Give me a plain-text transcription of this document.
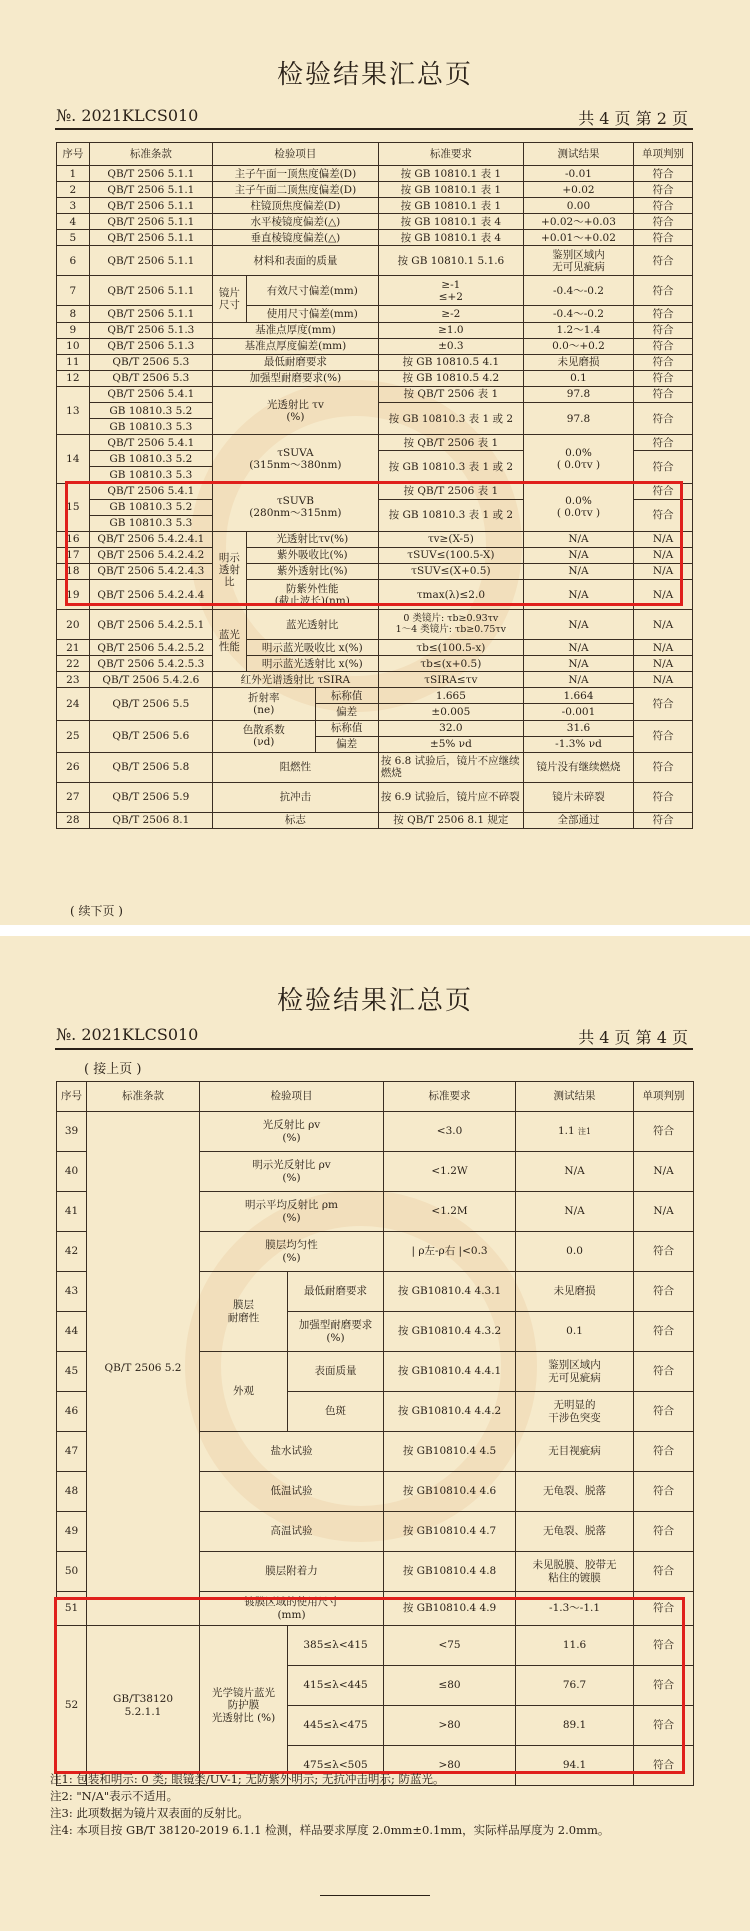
检验结果汇总页
№. 2021KLCS010	共 4 页 第 2 页
序号	标准条款	检验项目			标准要求	测试结果	单项判别
1	QB/T 2506 5.1.1	主子午面一顶焦度偏差(D)			按 GB 10810.1 表 1	-0.01	符合
2	QB/T 2506 5.1.1	主子午面二顶焦度偏差(D)			按 GB 10810.1 表 1	+0.02	符合
3	QB/T 2506 5.1.1	柱镜顶焦度偏差(D)			按 GB 10810.1 表 1	0.00	符合
4	QB/T 2506 5.1.1	水平棱镜度偏差(△)			按 GB 10810.1 表 4	+0.02～+0.03	符合
5	QB/T 2506 5.1.1	垂直棱镜度偏差(△)			按 GB 10810.1 表 4	+0.01～+0.02	符合
6	QB/T 2506 5.1.1	材料和表面的质量			按 GB 10810.1 5.1.6	鉴别区域内
无可见疵病	符合
7	QB/T 2506 5.1.1	镜片
尺寸	有效尺寸偏差(mm)		≥-1
≤+2	-0.4～-0.2	符合
8	QB/T 2506 5.1.1		使用尺寸偏差(mm)		≥-2	-0.4～-0.2	符合
9	QB/T 2506 5.1.3	基准点厚度(mm)			≥1.0	1.2～1.4	符合
10	QB/T 2506 5.1.3	基准点厚度偏差(mm)			±0.3	0.0～+0.2	符合
11	QB/T 2506 5.3	最低耐磨要求			按 GB 10810.5 4.1	未见磨损	符合
12	QB/T 2506 5.3	加强型耐磨要求(%)			按 GB 10810.5 4.2	0.1	符合
13	QB/T 2506 5.4.1	光透射比 τv
(%)			按 QB/T 2506 表 1	97.8	符合
	GB 10810.3 5.2				按 GB 10810.3 表 1 或 2	97.8	符合
	GB 10810.3 5.3						
14	QB/T 2506 5.4.1	τSUVA
(315nm～380nm)			按 QB/T 2506 表 1	0.0%
( 0.0τv )	符合
	GB 10810.3 5.2				按 GB 10810.3 表 1 或 2		符合
	GB 10810.3 5.3						
15	QB/T 2506 5.4.1	τSUVB
(280nm～315nm)			按 QB/T 2506 表 1	0.0%
( 0.0τv )	符合
	GB 10810.3 5.2				按 GB 10810.3 表 1 或 2		符合
	GB 10810.3 5.3						
16	QB/T 2506 5.4.2.4.1	明示
透射
比	光透射比τv(%)		τv≥(X-5)	N/A	N/A
17	QB/T 2506 5.4.2.4.2		紫外吸收比(%)		τSUV≤(100.5-X)	N/A	N/A
18	QB/T 2506 5.4.2.4.3		紫外透射比(%)		τSUV≤(X+0.5)	N/A	N/A
19	QB/T 2506 5.4.2.4.4		防紫外性能
(截止波长)(nm)		τmax(λ)≤2.0	N/A	N/A
20	QB/T 2506 5.4.2.5.1	蓝光
性能	蓝光透射比		0 类镜片: τb≥0.93τv
1～4 类镜片: τb≥0.75τv	N/A	N/A
21	QB/T 2506 5.4.2.5.2		明示蓝光吸收比 x(%)		τb≤(100.5-x)	N/A	N/A
22	QB/T 2506 5.4.2.5.3		明示蓝光透射比 x(%)		τb≤(x+0.5)	N/A	N/A
23	QB/T 2506 5.4.2.6	红外光谱透射比 τSIRA			τSIRA≤τv	N/A	N/A
24	QB/T 2506 5.5	折射率
(ne)		标称值	1.665	1.664	符合
				偏差	±0.005	-0.001	
25	QB/T 2506 5.6	色散系数
(νd)		标称值	32.0	31.6	符合
				偏差	±5% νd	-1.3% νd	
26	QB/T 2506 5.8	阻燃性			按 6.8 试验后，镜片不应继续燃烧	镜片没有继续燃烧	符合
27	QB/T 2506 5.9	抗冲击			按 6.9 试验后，镜片应不碎裂	镜片未碎裂	符合
28	QB/T 2506 8.1	标志			按 QB/T 2506 8.1 规定	全部通过	符合
( 续下页 )
检验结果汇总页
№. 2021KLCS010	共 4 页 第 4 页
( 接上页 )
序号	标准条款	检验项目		标准要求	测试结果	单项判别
39	QB/T 2506 5.2	光反射比 ρv
(%)		<3.0	1.1 注1	符合
40		明示光反射比 ρv
(%)		<1.2W	N/A	N/A
41		明示平均反射比 ρm
(%)		<1.2M	N/A	N/A
42		膜层均匀性
(%)		| ρ左-ρ右 |<0.3	0.0	符合
43		膜层
耐磨性	最低耐磨要求	按 GB10810.4 4.3.1	未见磨损	符合
44			加强型耐磨要求
(%)	按 GB10810.4 4.3.2	0.1	符合
45		外观	表面质量	按 GB10810.4 4.4.1	鉴别区域内
无可见疵病	符合
46			色斑	按 GB10810.4 4.4.2	无明显的
干涉色突变	符合
47		盐水试验		按 GB10810.4 4.5	无目视疵病	符合
48		低温试验		按 GB10810.4 4.6	无龟裂、脱落	符合
49		高温试验		按 GB10810.4 4.7	无龟裂、脱落	符合
50		膜层附着力		按 GB10810.4 4.8	未见脱膜、胶带无
粘住的镀膜	符合
51		镀膜区域的使用尺寸
(mm)		按 GB10810.4 4.9	-1.3～-1.1	符合
52	GB/T38120
5.2.1.1	光学镜片蓝光
防护膜
光透射比 (%)	385≤λ<415	<75	11.6	符合
			415≤λ<445	≤80	76.7	符合
			445≤λ<475	>80	89.1	符合
			475≤λ<505	>80	94.1	符合
注1: 包装和明示: 0 类; 眼镜类/UV-1; 无防紫外明示; 无抗冲击明示; 防蓝光。
注2: "N/A"表示不适用。
注3: 此项数据为镜片双表面的反射比。
注4: 本项目按 GB/T 38120-2019 6.1.1 检测，样品要求厚度 2.0mm±0.1mm，实际样品厚度为 2.0mm。
